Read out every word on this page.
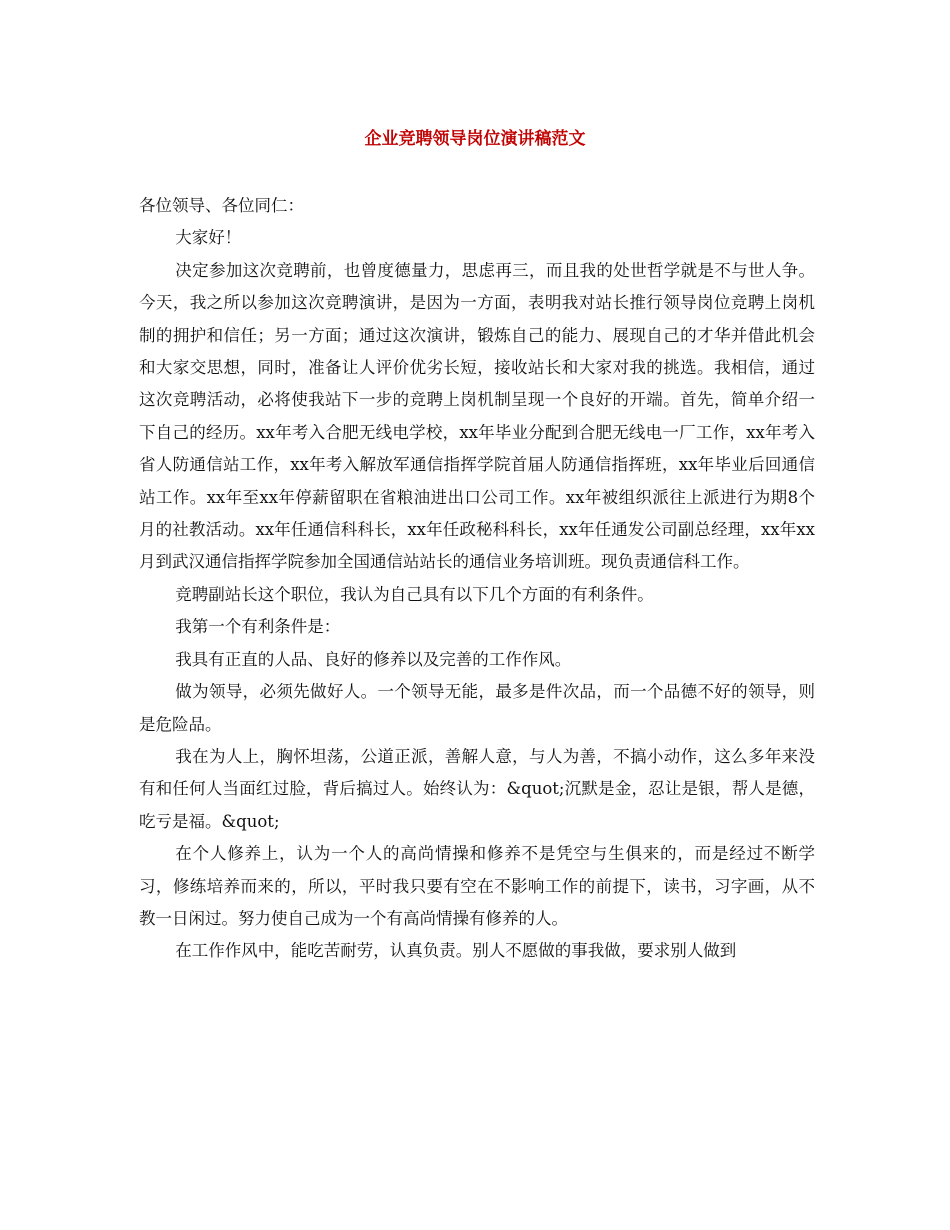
企业竞聘领导岗位演讲稿范文

各位领导、各位同仁：

大家好！

决定参加这次竞聘前，也曾度德量力，思虑再三，而且我的处世哲学就是不与世人争。今天，我之所以参加这次竞聘演讲，是因为一方面，表明我对站长推行领导岗位竞聘上岗机制的拥护和信任；另一方面；通过这次演讲，锻炼自己的能力、展现自己的才华并借此机会和大家交思想，同时，准备让人评价优劣长短，接收站长和大家对我的挑选。我相信，通过这次竞聘活动，必将使我站下一步的竞聘上岗机制呈现一个良好的开端。首先，简单介绍一下自己的经历。xx年考入合肥无线电学校，xx年毕业分配到合肥无线电一厂工作，xx年考入省人防通信站工作，xx年考入解放军通信指挥学院首届人防通信指挥班，xx年毕业后回通信站工作。xx年至xx年停薪留职在省粮油进出口公司工作。xx年被组织派往上派进行为期8个月的社教活动。xx年任通信科科长，xx年任政秘科科长，xx年任通发公司副总经理，xx年xx月到武汉通信指挥学院参加全国通信站站长的通信业务培训班。现负责通信科工作。

竞聘副站长这个职位，我认为自己具有以下几个方面的有利条件。

我第一个有利条件是：

我具有正直的人品、良好的修养以及完善的工作作风。

做为领导，必须先做好人。一个领导无能，最多是件次品，而一个品德不好的领导，则是危险品。

我在为人上，胸怀坦荡，公道正派，善解人意，与人为善，不搞小动作，这么多年来没有和任何人当面红过脸，背后搞过人。始终认为：&quot;沉默是金，忍让是银，帮人是德，吃亏是福。&quot;

在个人修养上，认为一个人的高尚情操和修养不是凭空与生俱来的，而是经过不断学习，修练培养而来的，所以，平时我只要有空在不影响工作的前提下，读书，习字画，从不教一日闲过。努力使自己成为一个有高尚情操有修养的人。

在工作作风中，能吃苦耐劳，认真负责。别人不愿做的事我做，要求别人做到
